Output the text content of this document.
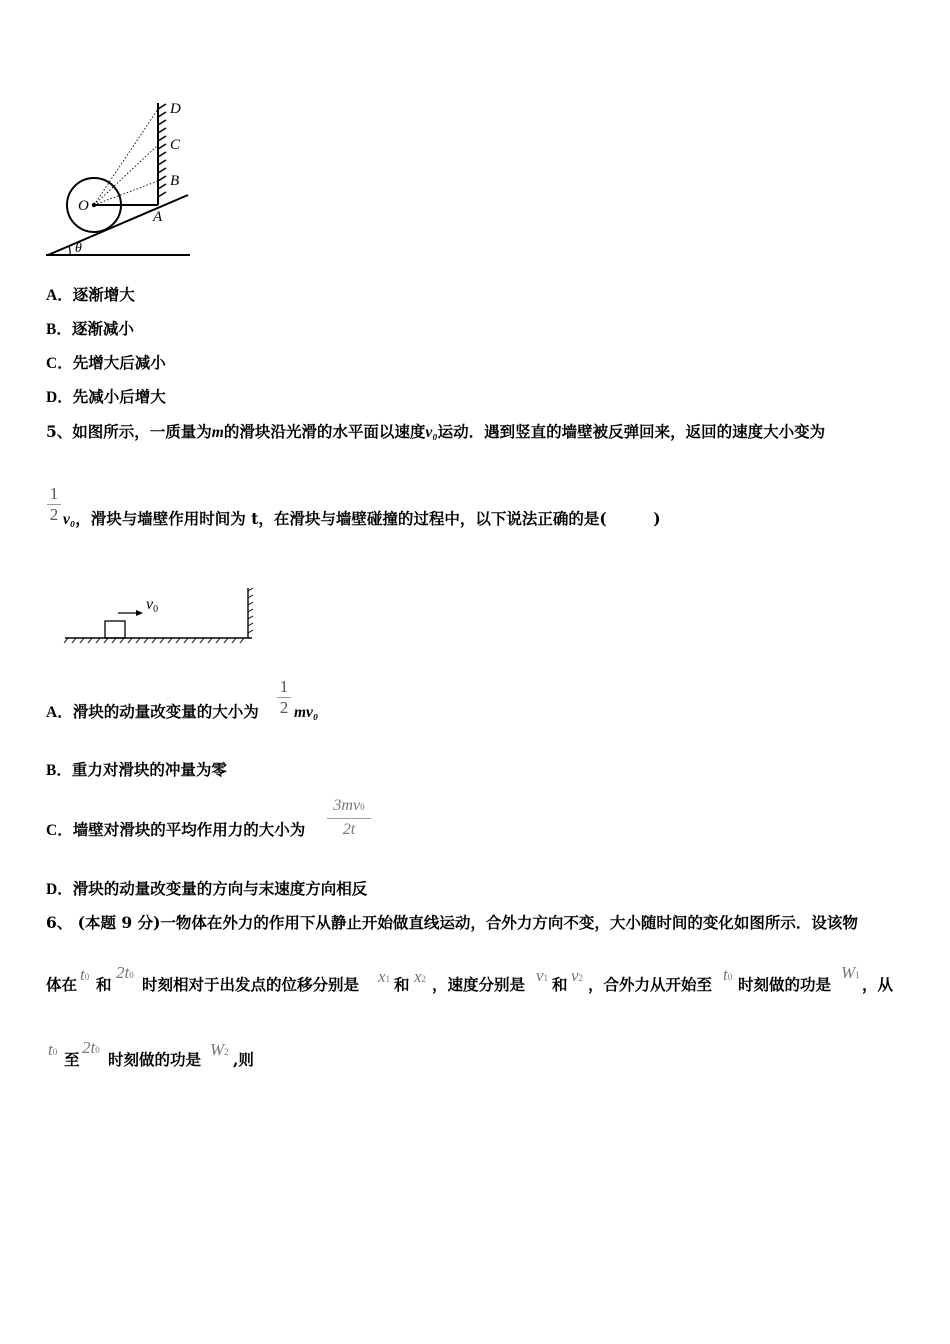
D
C
B
O
A
θ
A．逐渐增大
B．逐渐减小
C．先增大后减小
D．先减小后增大
5、如图所示，一质量为m的滑块沿光滑的水平面以速度v₀运动．遇到竖直的墙壁被反弹回来，返回的速度大小变为
$\frac{1}{2} v_0$，滑块与墙壁作用时间为 t，在滑块与墙壁碰撞的过程中，以下说法正确的是(　　　)
v0
$\frac{1}{2}$
A．滑块的动量改变量的大小为 mv₀
B．重力对滑块的冲量为零
C．墙壁对滑块的平均作用力的大小为 $\frac{3mv0}{2t}$
D．滑块的动量改变量的方向与末速度方向相反
6、 (本题 9 分)一物体在外力的作用下从静止开始做直线运动，合外力方向不变，大小随时间的变化如图所示．设该物
体在
t0 和
2t0 时刻相对于出发点的位移分别是 x1 和 x2 ，速度分别是 v1 和 v2 ，合外力从开始至
t0 时刻做的功是
W1 ，从
t0 至
2t0 时刻做的功是
W2 ,则
